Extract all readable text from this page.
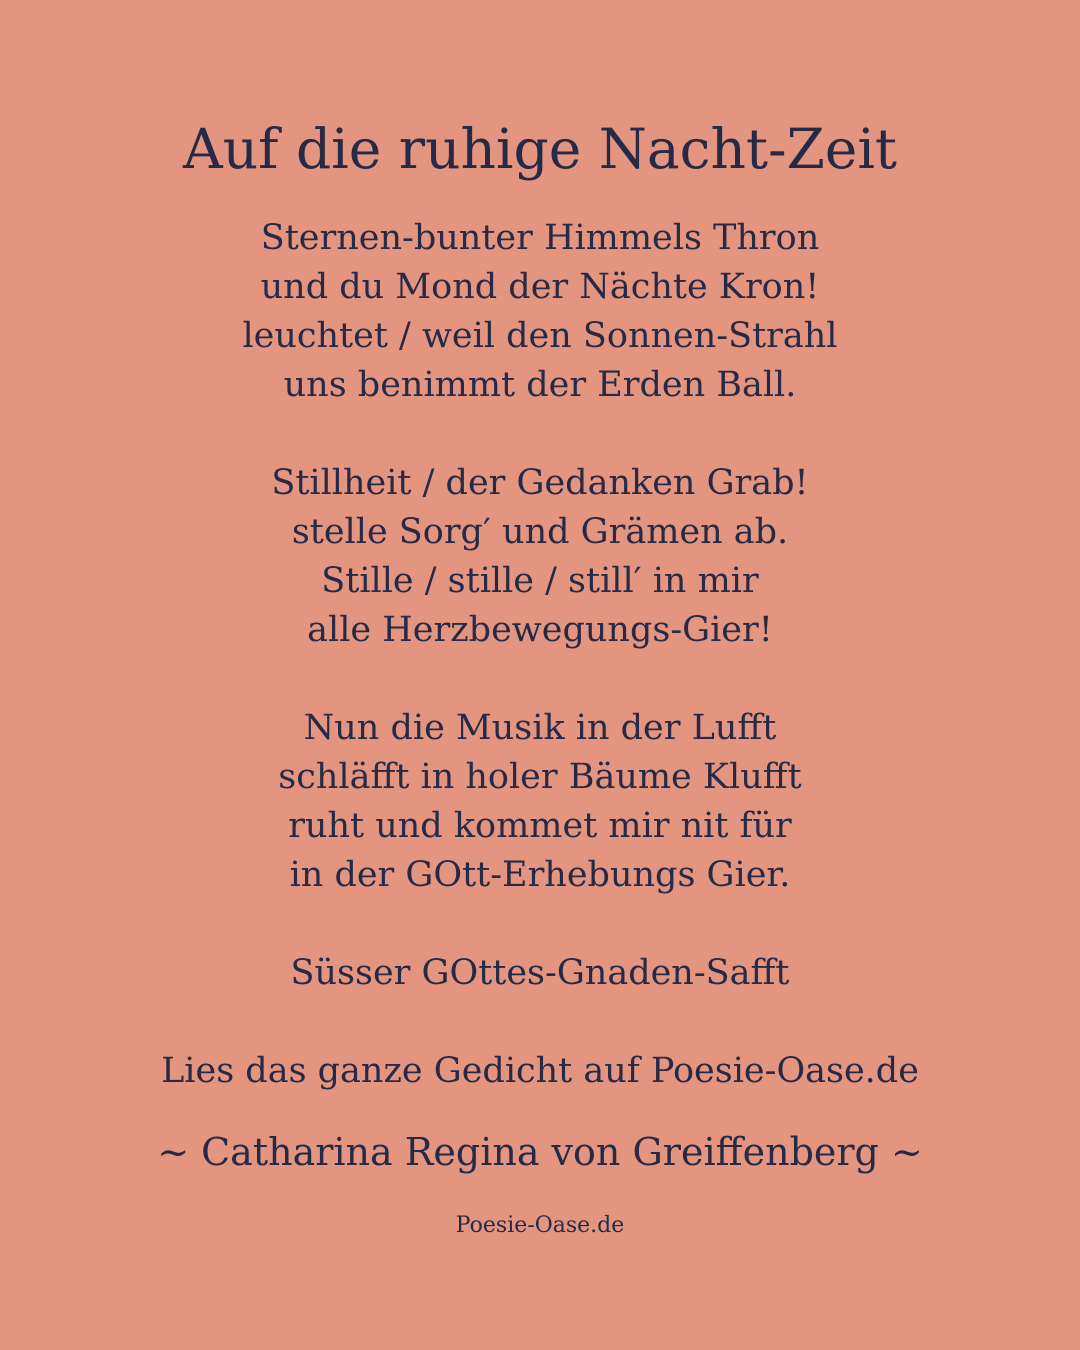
Auf die ruhige Nacht-Zeit
Sternen-bunter Himmels Thron
und du Mond der Nächte Kron!
leuchtet / weil den Sonnen-Strahl
uns benimmt der Erden Ball.
Stillheit / der Gedanken Grab!
stelle Sorg′ und Grämen ab.
Stille / stille / still′ in mir
alle Herzbewegungs-Gier!
Nun die Musik in der Lufft
schläfft in holer Bäume Klufft
ruht und kommet mir nit für
in der GOtt-Erhebungs Gier.
Süsser GOttes-Gnaden-Safft
Lies das ganze Gedicht auf Poesie-Oase.de
~ Catharina Regina von Greiffenberg ~
Poesie-Oase.de
